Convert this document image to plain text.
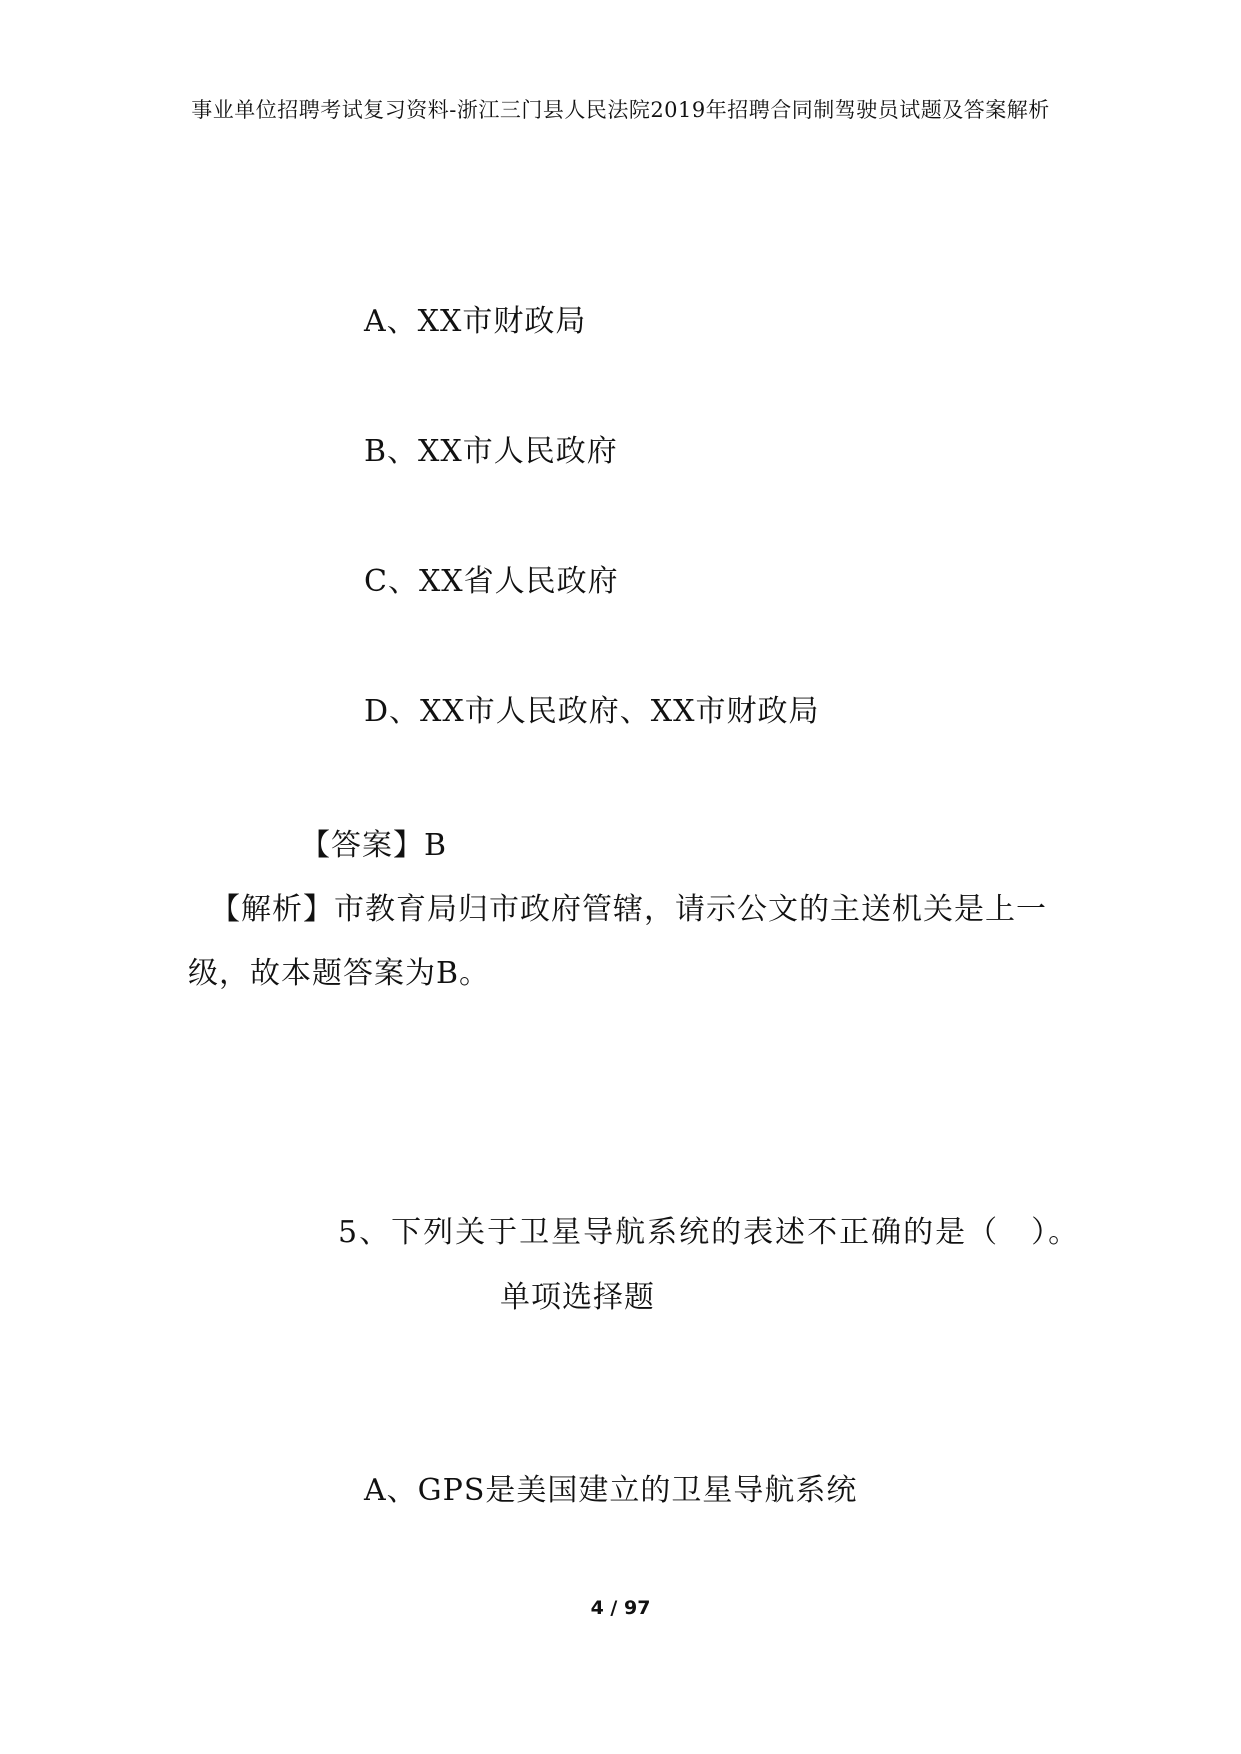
事业单位招聘考试复习资料-浙江三门县人民法院2019年招聘合同制驾驶员试题及答案解析
A、XX市财政局
B、XX市人民政府
C、XX省人民政府
D、XX市人民政府、XX市财政局
【答案】B
【解析】市教育局归市政府管辖，请示公文的主送机关是上一
级，故本题答案为B。
5、下列关于卫星导航系统的表述不正确的是（　）。
单项选择题
A、GPS是美国建立的卫星导航系统
4 / 97
